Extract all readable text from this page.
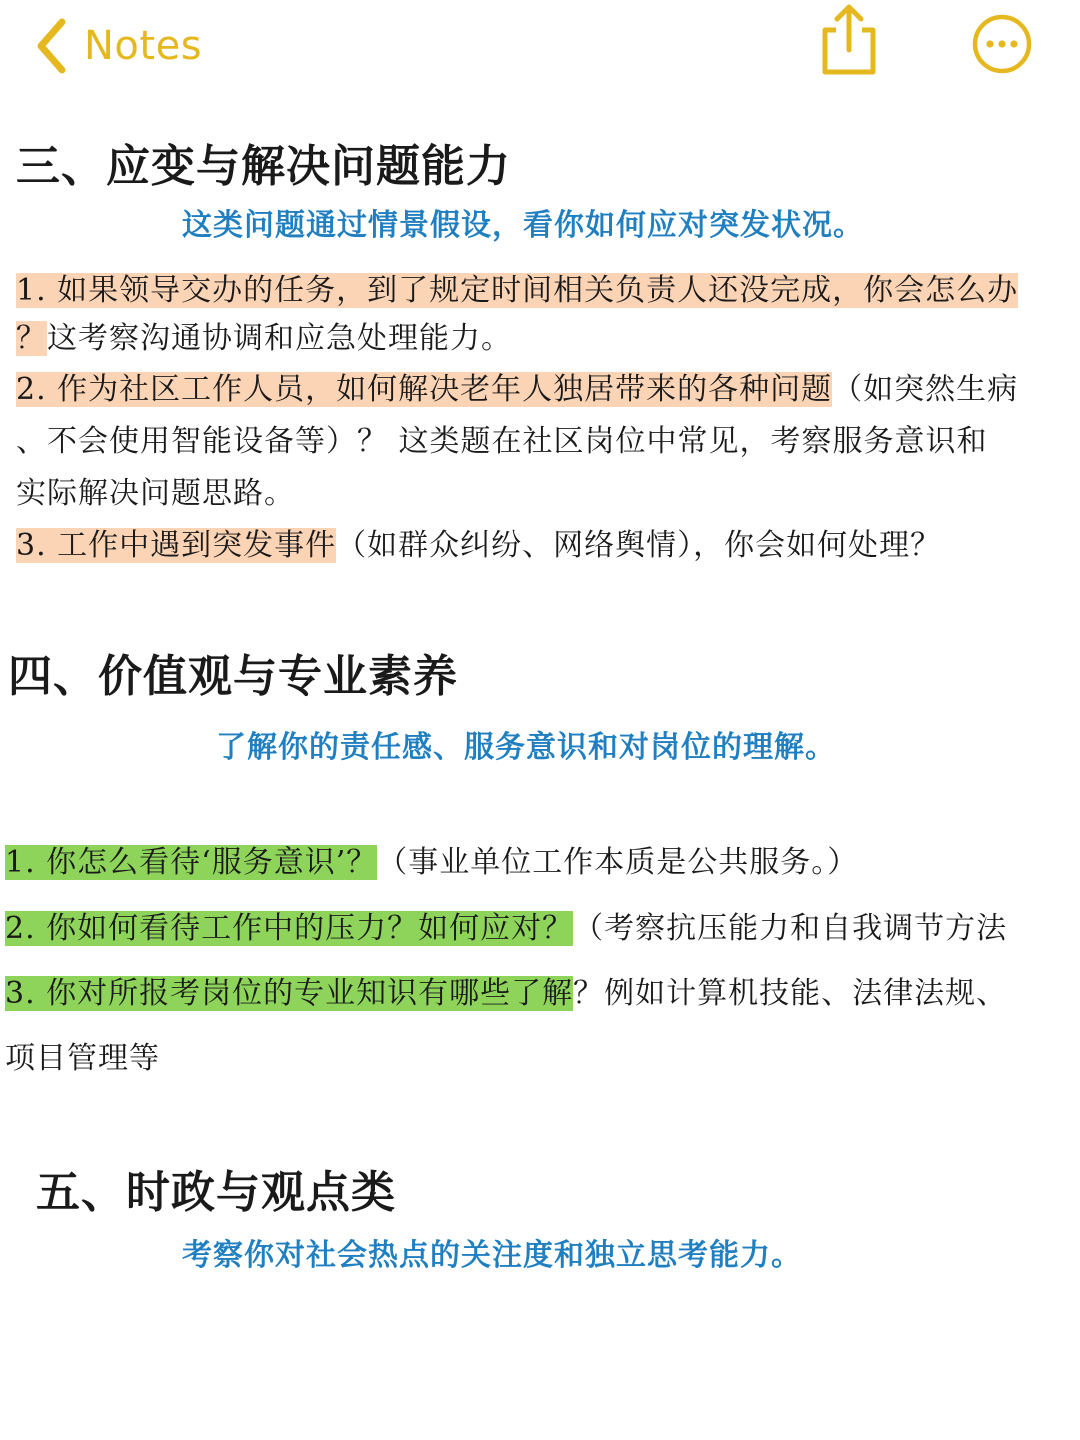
Notes
三、应变与解决问题能力
这类问题通过情景假设，看你如何应对突发状况。
1. 如果领导交办的任务，到了规定时间相关负责人还没完成，你会怎么办
？这考察沟通协调和应急处理能力。
2. 作为社区工作人员，如何解决老年人独居带来的各种问题（如突然生病
、不会使用智能设备等）？ 这类题在社区岗位中常见，考察服务意识和
实际解决问题思路。
3. 工作中遇到突发事件（如群众纠纷、网络舆情），你会如何处理？
四、价值观与专业素养
了解你的责任感、服务意识和对岗位的理解。
1. 你怎么看待‘服务意识’？（事业单位工作本质是公共服务。）
2. 你如何看待工作中的压力？如何应对？（考察抗压能力和自我调节方法
3. 你对所报考岗位的专业知识有哪些了解？例如计算机技能、法律法规、
项目管理等
五、时政与观点类
考察你对社会热点的关注度和独立思考能力。
